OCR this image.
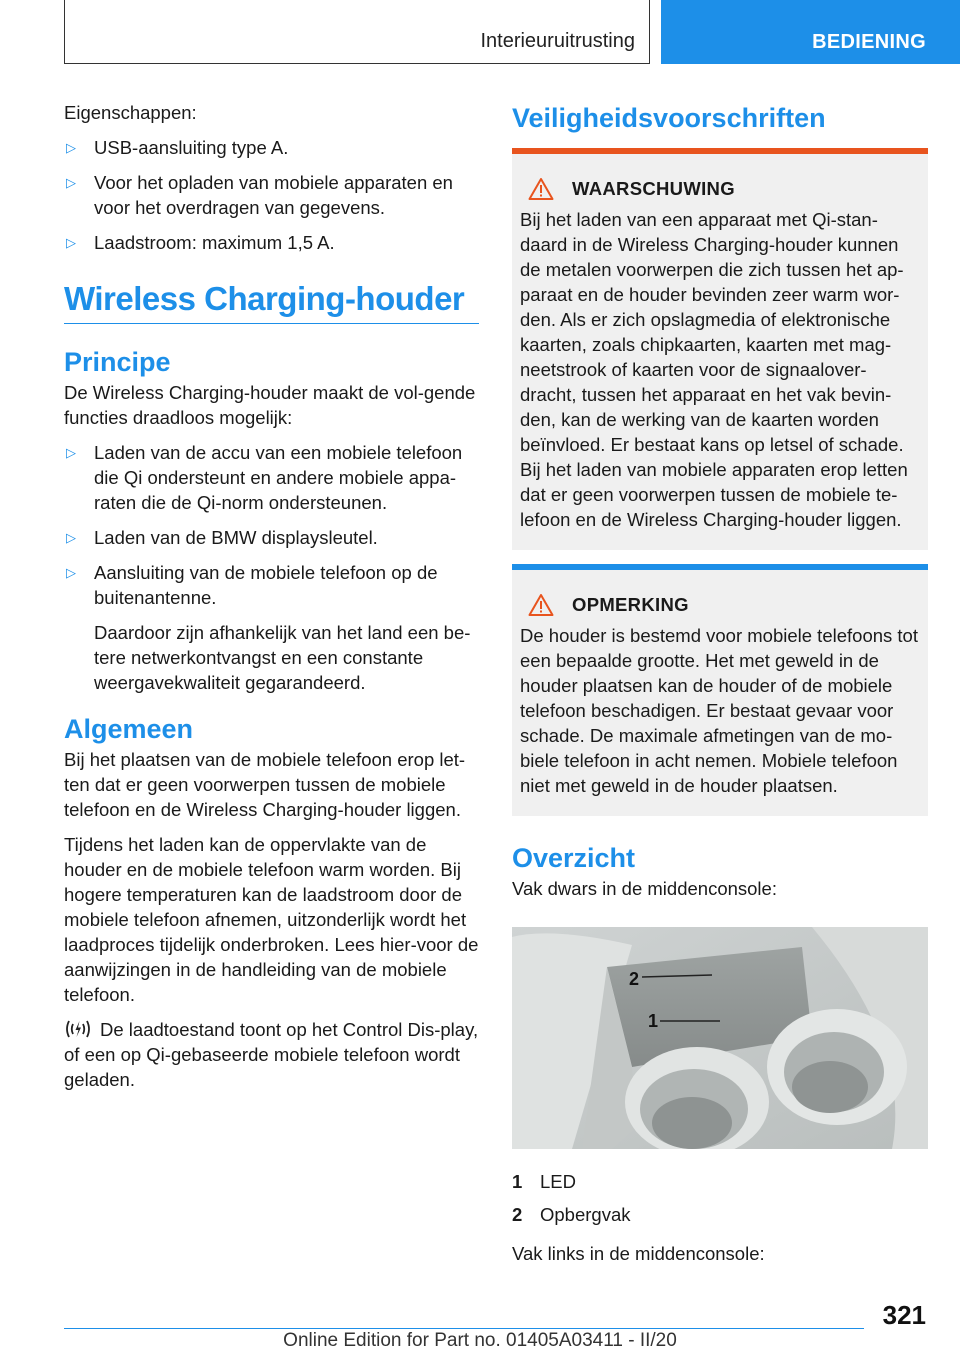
Interieuruitrusting	BEDIENING

Eigenschappen:

▷ USB-aansluiting type A.
▷ Voor het opladen van mobiele apparaten en voor het overdragen van gegevens.
▷ Laadstroom: maximum 1,5 A.
Wireless Charging-houder
Principe

De Wireless Charging-houder maakt de vol-gende functies draadloos mogelijk:

▷ Laden van de accu van een mobiele telefoon die Qi ondersteunt en andere mobiele appa-raten die de Qi-norm ondersteunen.
▷ Laden van de BMW displaysleutel.
▷ Aansluiting van de mobiele telefoon op de buitenantenne.
Daardoor zijn afhankelijk van het land een be-tere netwerkontvangst en een constante weergavekwaliteit gegarandeerd.
Algemeen

Bij het plaatsen van de mobiele telefoon erop let-ten dat er geen voorwerpen tussen de mobiele telefoon en de Wireless Charging-houder liggen.

Tijdens het laden kan de oppervlakte van de houder en de mobiele telefoon warm worden. Bij hogere temperaturen kan de laadstroom door de mobiele telefoon afnemen, uitzonderlijk wordt het laadproces tijdelijk onderbroken. Lees hier-voor de aanwijzingen in de handleiding van de mobiele telefoon.

De laadtoestand toont op het Control Dis-play, of een op Qi-gebaseerde mobiele telefoon wordt geladen.

Veiligheidsvoorschriften
WAARSCHUWING

Bij het laden van een apparaat met Qi-stan-daard in de Wireless Charging-houder kunnen de metalen voorwerpen die zich tussen het ap-paraat en de houder bevinden zeer warm wor-den. Als er zich opslagmedia of elektronische kaarten, zoals chipkaarten, kaarten met mag-neetstrook of kaarten voor de signaalover-dracht, tussen het apparaat en het vak bevin-den, kan de werking van de kaarten worden beïnvloed. Er bestaat kans op letsel of schade. Bij het laden van mobiele apparaten erop letten dat er geen voorwerpen tussen de mobiele te-lefoon en de Wireless Charging-houder liggen.

OPMERKING

De houder is bestemd voor mobiele telefoons tot een bepaalde grootte. Het met geweld in de houder plaatsen kan de houder of de mobiele telefoon beschadigen. Er bestaat gevaar voor schade. De maximale afmetingen van de mo-biele telefoon in acht nemen. Mobiele telefoon niet met geweld in de houder plaatsen.

Overzicht

Vak dwars in de middenconsole:

2
1
1 LED
2 Opbergvak

Vak links in de middenconsole:

321
Online Edition for Part no. 01405A03411 - II/20
